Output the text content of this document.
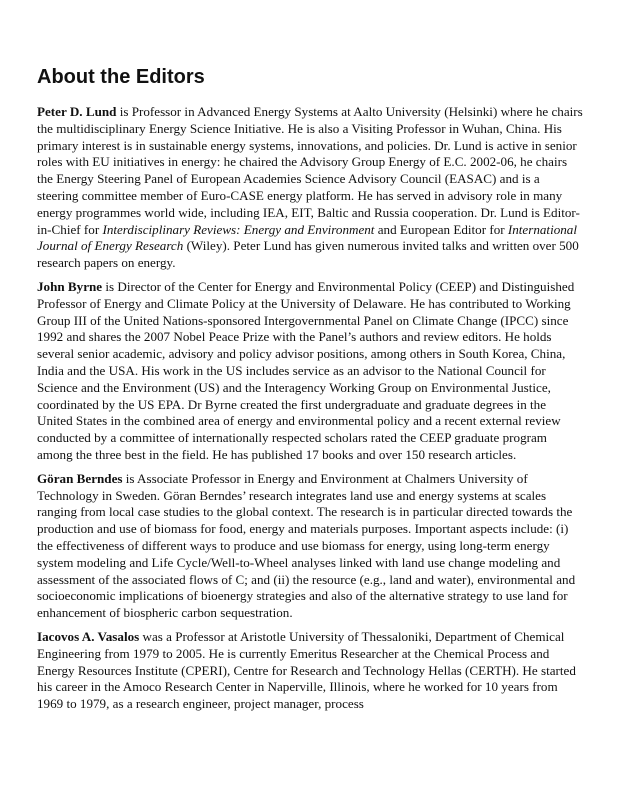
About the Editors

Peter D. Lund is Professor in Advanced Energy Systems at Aalto University (Helsinki) where he chairs the multidisciplinary Energy Science Initiative. He is also a Visiting Professor in Wuhan, China. His primary interest is in sustainable energy systems, innovations, and policies. Dr. Lund is active in senior roles with EU initiatives in energy: he chaired the Advisory Group Energy of E.C. 2002-06, he chairs the Energy Steering Panel of European Academies Science Advisory Council (EASAC) and is a steering committee member of Euro-CASE energy platform. He has served in advisory role in many energy programmes world wide, including IEA, EIT, Baltic and Russia cooperation. Dr. Lund is Editor-in-Chief for Interdisciplinary Reviews: Energy and Environment and European Editor for International Journal of Energy Research (Wiley). Peter Lund has given numerous invited talks and written over 500 research papers on energy.

John Byrne is Director of the Center for Energy and Environmental Policy (CEEP) and Distinguished Professor of Energy and Climate Policy at the University of Delaware. He has contributed to Working Group III of the United Nations-sponsored Intergovernmental Panel on Climate Change (IPCC) since 1992 and shares the 2007 Nobel Peace Prize with the Panel’s authors and review editors. He holds several senior academic, advisory and policy advisor positions, among others in South Korea, China, India and the USA. His work in the US includes service as an advisor to the National Council for Science and the Environment (US) and the Interagency Working Group on Environmental Justice, coordinated by the US EPA. Dr Byrne created the first undergraduate and graduate degrees in the United States in the combined area of energy and environmental policy and a recent external review conducted by a committee of internationally respected scholars rated the CEEP graduate program among the three best in the field. He has published 17 books and over 150 research articles.

Göran Berndes is Associate Professor in Energy and Environment at Chalmers University of Technology in Sweden. Göran Berndes’ research integrates land use and energy systems at scales ranging from local case studies to the global context. The research is in particular directed towards the production and use of biomass for food, energy and materials purposes. Important aspects include: (i) the effectiveness of different ways to produce and use biomass for energy, using long-term energy system modeling and Life Cycle/Well-to-Wheel analyses linked with land use change modeling and assessment of the associated flows of C; and (ii) the resource (e.g., land and water), environmental and socioeconomic implications of bioenergy strategies and also of the alternative strategy to use land for enhancement of biospheric carbon sequestration.

Iacovos A. Vasalos was a Professor at Aristotle University of Thessaloniki, Department of Chemical Engineering from 1979 to 2005. He is currently Emeritus Researcher at the Chemical Process and Energy Resources Institute (CPERI), Centre for Research and Technology Hellas (CERTH). He started his career in the Amoco Research Center in Naperville, Illinois, where he worked for 10 years from 1969 to 1979, as a research engineer, project manager, process
